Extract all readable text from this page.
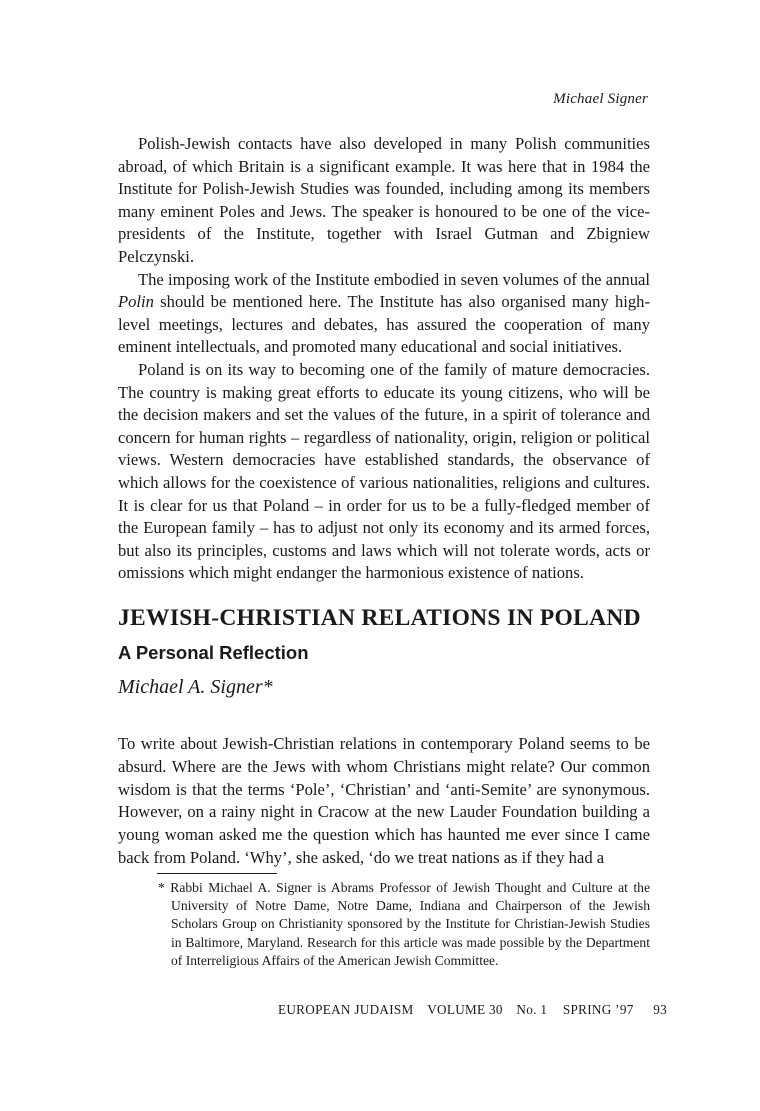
Michael Signer

Polish-Jewish contacts have also developed in many Polish communities abroad, of which Britain is a significant example. It was here that in 1984 the Institute for Polish-Jewish Studies was founded, including among its members many eminent Poles and Jews. The speaker is honoured to be one of the vice-presidents of the Institute, together with Israel Gutman and Zbigniew Pelczynski.

The imposing work of the Institute embodied in seven volumes of the annual Polin should be mentioned here. The Institute has also organised many high-level meetings, lectures and debates, has assured the cooperation of many eminent intellectuals, and promoted many educational and social initiatives.

Poland is on its way to becoming one of the family of mature democracies. The country is making great efforts to educate its young citizens, who will be the decision makers and set the values of the future, in a spirit of tolerance and concern for human rights – regardless of nationality, origin, religion or political views. Western democracies have established standards, the observance of which allows for the coexistence of various nationalities, religions and cultures. It is clear for us that Poland – in order for us to be a fully-fledged member of the European family – has to adjust not only its economy and its armed forces, but also its principles, customs and laws which will not tolerate words, acts or omissions which might endanger the harmonious existence of nations.

JEWISH-CHRISTIAN RELATIONS IN POLAND
A Personal Reflection
Michael A. Signer*

To write about Jewish-Christian relations in contemporary Poland seems to be absurd. Where are the Jews with whom Christians might relate? Our common wisdom is that the terms ‘Pole’, ‘Christian’ and ‘anti-Semite’ are synonymous. However, on a rainy night in Cracow at the new Lauder Foundation building a young woman asked me the question which has haunted me ever since I came back from Poland. ‘Why’, she asked, ‘do we treat nations as if they had a

* Rabbi Michael A. Signer is Abrams Professor of Jewish Thought and Culture at the University of Notre Dame, Notre Dame, Indiana and Chairperson of the Jewish Scholars Group on Christianity sponsored by the Institute for Christian-Jewish Studies in Baltimore, Maryland. Research for this article was made possible by the Department of Interreligious Affairs of the American Jewish Committee.

EUROPEAN JUDAISM VOLUME 30 No. 1 SPRING ’97 93
